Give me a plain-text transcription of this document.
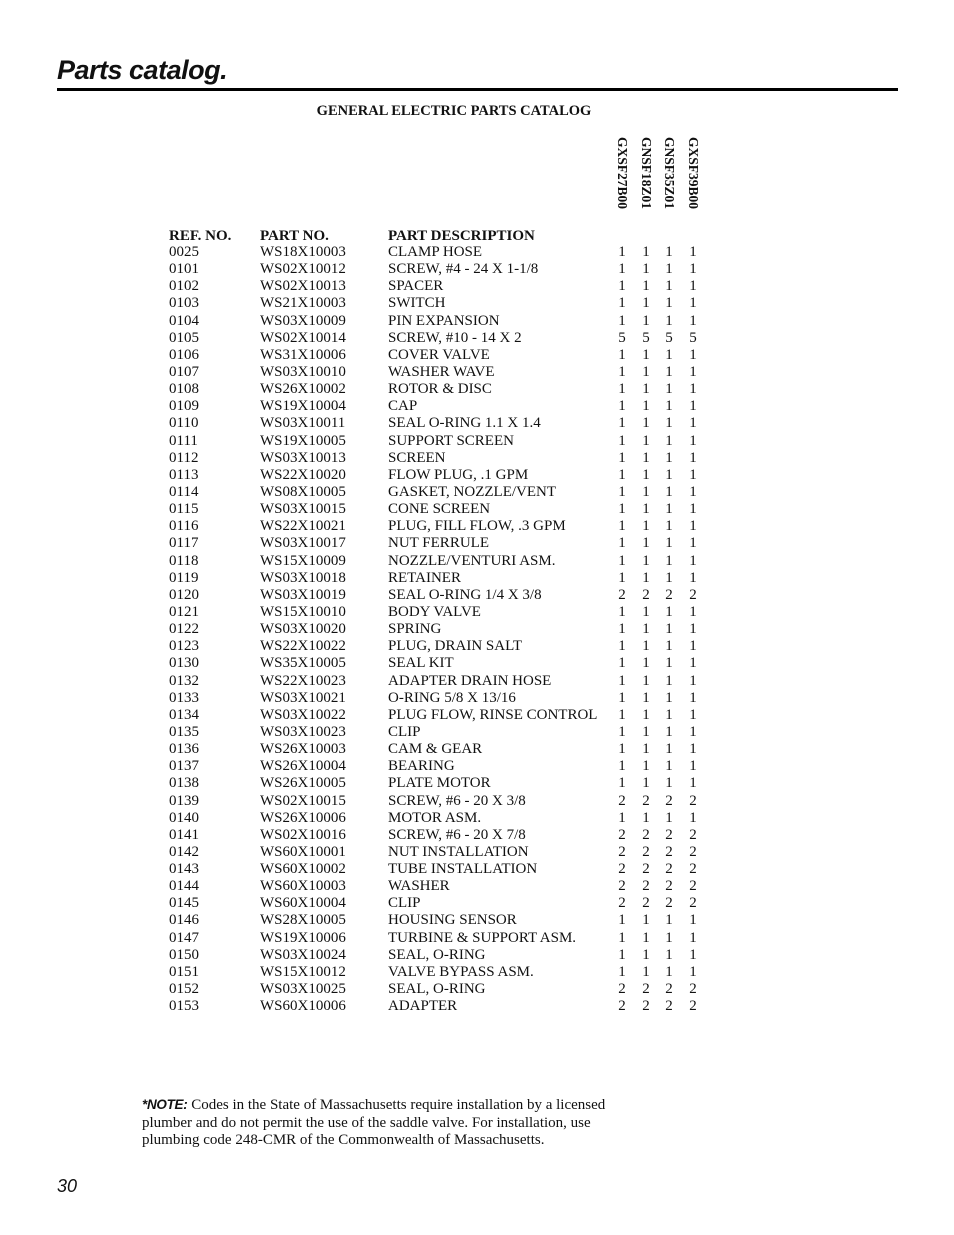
Parts catalog.
GENERAL ELECTRIC PARTS CATALOG
GXSF27B00 GNSF18Z01 GNSF35Z01 GXSF39B00
REF. NO. PART NO.	PART DESCRIPTION
0025	WS18X10003	CLAMP HOSE	1 1 1 1
0101	WS02X10012	SCREW, #4 - 24 X 1-1/8	1 1 1 1
0102	WS02X10013	SPACER	1 1 1 1
0103	WS21X10003	SWITCH	1 1 1 1
0104	WS03X10009	PIN EXPANSION	1 1 1 1
0105	WS02X10014	SCREW, #10 - 14 X 2	5 5 5 5
0106	WS31X10006	COVER VALVE	1 1 1 1
0107	WS03X10010	WASHER WAVE	1 1 1 1
0108	WS26X10002	ROTOR & DISC	1 1 1 1
0109	WS19X10004	CAP	1 1 1 1
0110	WS03X10011	SEAL O-RING 1.1 X 1.4	1 1 1 1
0111	WS19X10005	SUPPORT SCREEN	1 1 1 1
0112	WS03X10013	SCREEN	1 1 1 1
0113	WS22X10020	FLOW PLUG, .1 GPM	1 1 1 1
0114	WS08X10005	GASKET, NOZZLE/VENT	1 1 1 1
0115	WS03X10015	CONE SCREEN	1 1 1 1
0116	WS22X10021	PLUG, FILL FLOW, .3 GPM	1 1 1 1
0117	WS03X10017	NUT FERRULE	1 1 1 1
0118	WS15X10009	NOZZLE/VENTURI ASM.	1 1 1 1
0119	WS03X10018	RETAINER	1 1 1 1
0120	WS03X10019	SEAL O-RING 1/4 X 3/8	2 2 2 2
0121	WS15X10010	BODY VALVE	1 1 1 1
0122	WS03X10020	SPRING	1 1 1 1
0123	WS22X10022	PLUG, DRAIN SALT	1 1 1 1
0130	WS35X10005	SEAL KIT	1 1 1 1
0132	WS22X10023	ADAPTER DRAIN HOSE	1 1 1 1
0133	WS03X10021	O-RING 5/8 X 13/16	1 1 1 1
0134	WS03X10022	PLUG FLOW, RINSE CONTROL 1 1 1 1
0135	WS03X10023	CLIP	1 1 1 1
0136	WS26X10003	CAM & GEAR	1 1 1 1
0137	WS26X10004	BEARING	1 1 1 1
0138	WS26X10005	PLATE MOTOR	1 1 1 1
0139	WS02X10015	SCREW, #6 - 20 X 3/8	2 2 2 2
0140	WS26X10006	MOTOR ASM.	1 1 1 1
0141	WS02X10016	SCREW, #6 - 20 X 7/8	2 2 2 2
0142	WS60X10001	NUT INSTALLATION	2 2 2 2
0143	WS60X10002	TUBE INSTALLATION	2 2 2 2
0144	WS60X10003	WASHER	2 2 2 2
0145	WS60X10004	CLIP	2 2 2 2
0146	WS28X10005	HOUSING SENSOR	1 1 1 1
0147	WS19X10006	TURBINE & SUPPORT ASM.	1 1 1 1
0150	WS03X10024	SEAL, O-RING	1 1 1 1
0151	WS15X10012	VALVE BYPASS ASM.	1 1 1 1
0152	WS03X10025	SEAL, O-RING	2 2 2 2
0153	WS60X10006	ADAPTER	2 2 2 2
*NOTE: Codes in the State of Massachusetts require installation by a licensed plumber and do not permit the use of the saddle valve. For installation, use plumbing code 248-CMR of the Commonwealth of Massachusetts.
30
